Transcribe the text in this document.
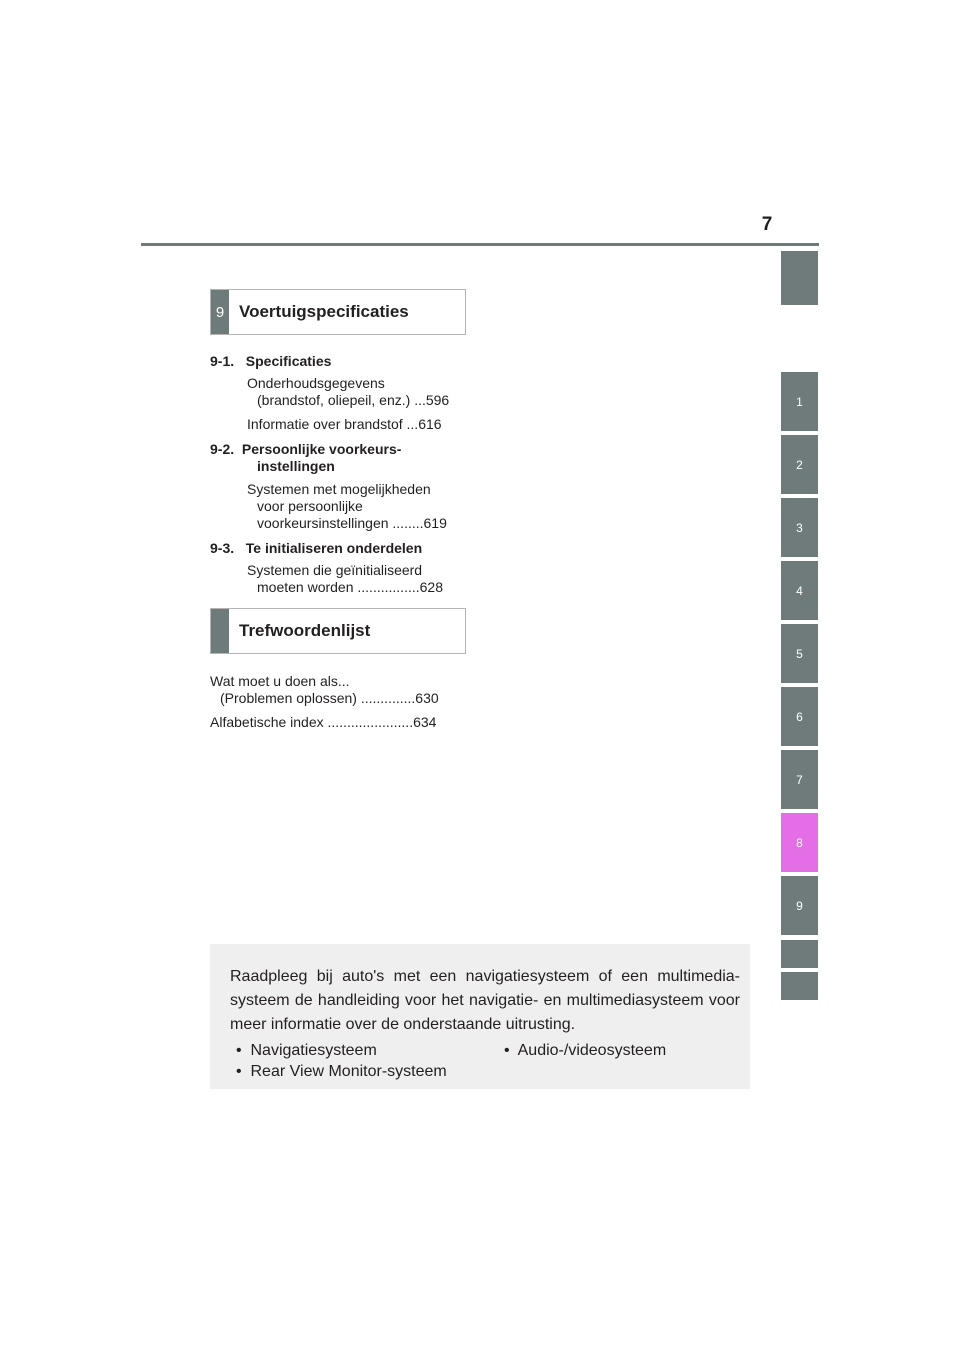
7
1
2
3
4
5
6
7
8
9
9 Voertuigspecificaties
9-1. Specificaties
Onderhoudsgegevens
(brandstof, oliepeil, enz.) ...596
Informatie over brandstof ...616
9-2. Persoonlijke voorkeurs-
instellingen
Systemen met mogelijkheden
voor persoonlijke
voorkeursinstellingen ........619
9-3. Te initialiseren onderdelen
Systemen die geïnitialiseerd
moeten worden ................628
Trefwoordenlijst
Wat moet u doen als...
(Problemen oplossen) ..............630
Alfabetische index ......................634
Raadpleeg bij auto's met een navigatiesysteem of een multimedia-systeem de handleiding voor het navigatie- en multimediasysteem voor meer informatie over de onderstaande uitrusting.
• Navigatiesysteem	• Audio-/videosysteem
• Rear View Monitor-systeem
